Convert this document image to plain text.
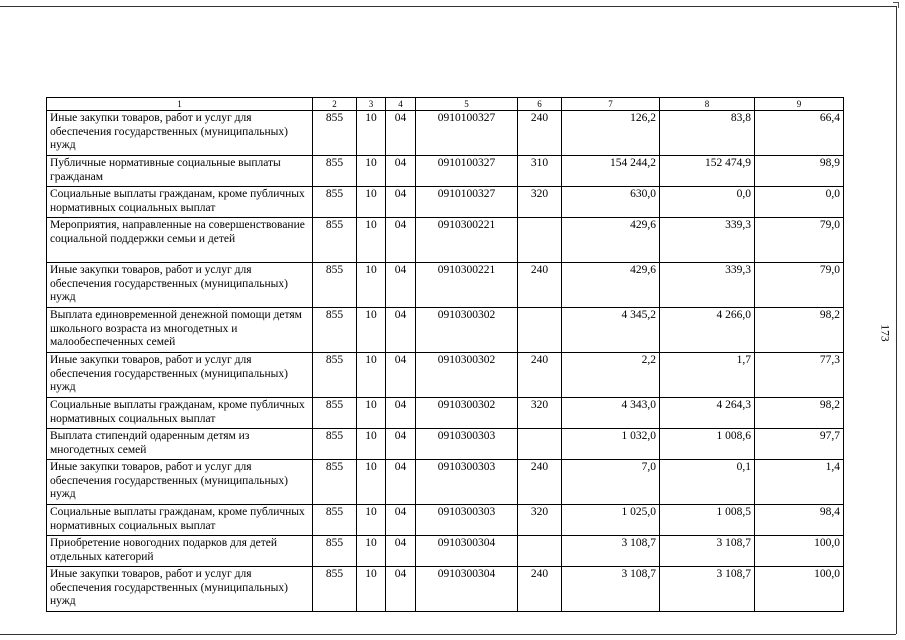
1	2	3	4	5	6	7	8	9
Иные закупки товаров, работ и услуг для обеспечения государственных (муниципальных) нужд	855	10	04	0910100327	240	126,2	83,8	66,4
Публичные нормативные социальные выплаты гражданам	855	10	04	0910100327	310	154 244,2	152 474,9	98,9
Социальные выплаты гражданам, кроме публичных нормативных социальных выплат	855	10	04	0910100327	320	630,0	0,0	0,0
Мероприятия, направленные на совершенствование социальной поддержки семьи и детей	855	10	04	0910300221		429,6	339,3	79,0
Иные закупки товаров, работ и услуг для обеспечения государственных (муниципальных) нужд	855	10	04	0910300221	240	429,6	339,3	79,0
Выплата единовременной денежной помощи детям школьного возраста из многодетных и малообеспеченных семей	855	10	04	0910300302		4 345,2	4 266,0	98,2
Иные закупки товаров, работ и услуг для обеспечения государственных (муниципальных) нужд	855	10	04	0910300302	240	2,2	1,7	77,3
Социальные выплаты гражданам, кроме публичных нормативных социальных выплат	855	10	04	0910300302	320	4 343,0	4 264,3	98,2
Выплата стипендий одаренным детям из многодетных семей	855	10	04	0910300303		1 032,0	1 008,6	97,7
Иные закупки товаров, работ и услуг для обеспечения государственных (муниципальных) нужд	855	10	04	0910300303	240	7,0	0,1	1,4
Социальные выплаты гражданам, кроме публичных нормативных социальных выплат	855	10	04	0910300303	320	1 025,0	1 008,5	98,4
Приобретение новогодних подарков для детей отдельных категорий	855	10	04	0910300304		3 108,7	3 108,7	100,0
Иные закупки товаров, работ и услуг для обеспечения государственных (муниципальных) нужд	855	10	04	0910300304	240	3 108,7	3 108,7	100,0
173
